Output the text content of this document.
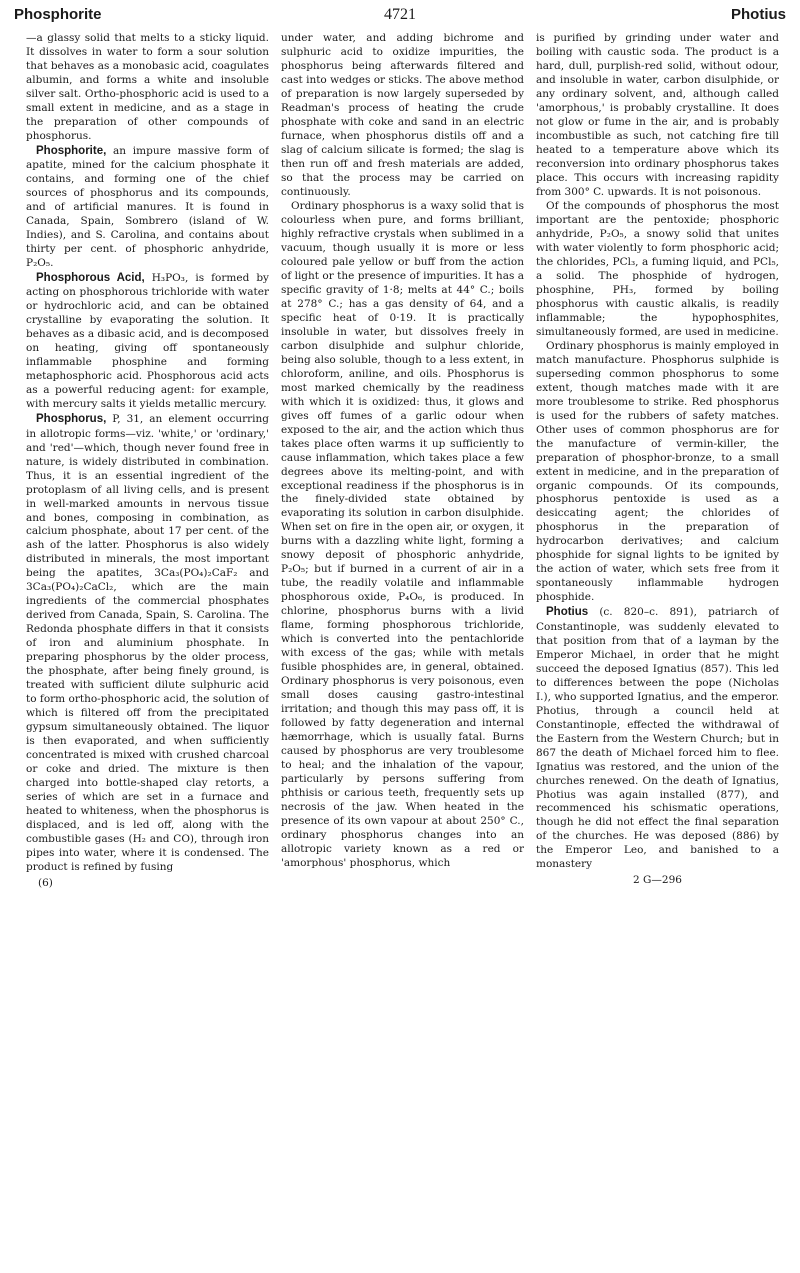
Phosphorite	4721	Photius

—a glassy solid that melts to a sticky liquid. It dissolves in water to form a sour solution that behaves as a monobasic acid, coagulates albumin, and forms a white and insoluble silver salt. Ortho-phosphoric acid is used to a small extent in medicine, and as a stage in the preparation of other compounds of phosphorus.

Phosphorite, an impure massive form of apatite, mined for the calcium phosphate it contains, and forming one of the chief sources of phosphorus and its compounds, and of artificial manures. It is found in Canada, Spain, Sombrero (island of W. Indies), and S. Carolina, and contains about thirty per cent. of phosphoric anhydride, P₂O₅.

Phosphorous Acid, H₃PO₃, is formed by acting on phosphorous trichloride with water or hydrochloric acid, and can be obtained crystalline by evaporating the solution. It behaves as a dibasic acid, and is decomposed on heating, giving off spontaneously inflammable phosphine and forming metaphosphoric acid. Phosphorous acid acts as a powerful reducing agent: for example, with mercury salts it yields metallic mercury.

Phosphorus, P, 31, an element occurring in allotropic forms—viz. 'white,' or 'ordinary,' and 'red'—which, though never found free in nature, is widely distributed in combination. Thus, it is an essential ingredient of the protoplasm of all living cells, and is present in well-marked amounts in nervous tissue and bones, composing in combination, as calcium phosphate, about 17 per cent. of the ash of the latter. Phosphorus is also widely distributed in minerals, the most important being the apatites, 3Ca₃(PO₄)₂CaF₂ and 3Ca₃(PO₄)₂CaCl₂, which are the main ingredients of the commercial phosphates derived from Canada, Spain, S. Carolina. The Redonda phosphate differs in that it consists of iron and aluminium phosphate. In preparing phosphorus by the older process, the phosphate, after being finely ground, is treated with sufficient dilute sulphuric acid to form ortho-phosphoric acid, the solution of which is filtered off from the precipitated gypsum simultaneously obtained. The liquor is then evaporated, and when sufficiently concentrated is mixed with crushed charcoal or coke and dried. The mixture is then charged into bottle-shaped clay retorts, a series of which are set in a furnace and heated to whiteness, when the phosphorus is displaced, and is led off, along with the combustible gases (H₂ and CO), through iron pipes into water, where it is condensed. The product is refined by fusing

(6)

under water, and adding bichrome and sulphuric acid to oxidize impurities, the phosphorus being afterwards filtered and cast into wedges or sticks. The above method of preparation is now largely superseded by Readman's process of heating the crude phosphate with coke and sand in an electric furnace, when phosphorus distils off and a slag of calcium silicate is formed; the slag is then run off and fresh materials are added, so that the process may be carried on continuously.

Ordinary phosphorus is a waxy solid that is colourless when pure, and forms brilliant, highly refractive crystals when sublimed in a vacuum, though usually it is more or less coloured pale yellow or buff from the action of light or the presence of impurities. It has a specific gravity of 1·8; melts at 44° C.; boils at 278° C.; has a gas density of 64, and a specific heat of 0·19. It is practically insoluble in water, but dissolves freely in carbon disulphide and sulphur chloride, being also soluble, though to a less extent, in chloroform, aniline, and oils. Phosphorus is most marked chemically by the readiness with which it is oxidized: thus, it glows and gives off fumes of a garlic odour when exposed to the air, and the action which thus takes place often warms it up sufficiently to cause inflammation, which takes place a few degrees above its melting-point, and with exceptional readiness if the phosphorus is in the finely-divided state obtained by evaporating its solution in carbon disulphide. When set on fire in the open air, or oxygen, it burns with a dazzling white light, forming a snowy deposit of phosphoric anhydride, P₂O₅; but if burned in a current of air in a tube, the readily volatile and inflammable phosphorous oxide, P₄O₆, is produced. In chlorine, phosphorus burns with a livid flame, forming phosphorous trichloride, which is converted into the pentachloride with excess of the gas; while with metals fusible phosphides are, in general, obtained. Ordinary phosphorus is very poisonous, even small doses causing gastro-intestinal irritation; and though this may pass off, it is followed by fatty degeneration and internal hæmorrhage, which is usually fatal. Burns caused by phosphorus are very troublesome to heal; and the inhalation of the vapour, particularly by persons suffering from phthisis or carious teeth, frequently sets up necrosis of the jaw. When heated in the presence of its own vapour at about 250° C., ordinary phosphorus changes into an allotropic variety known as a red or 'amorphous' phosphorus, which

is purified by grinding under water and boiling with caustic soda. The product is a hard, dull, purplish-red solid, without odour, and insoluble in water, carbon disulphide, or any ordinary solvent, and, although called 'amorphous,' is probably crystalline. It does not glow or fume in the air, and is probably incombustible as such, not catching fire till heated to a temperature above which its reconversion into ordinary phosphorus takes place. This occurs with increasing rapidity from 300° C. upwards. It is not poisonous.

Of the compounds of phosphorus the most important are the pentoxide; phosphoric anhydride, P₂O₅, a snowy solid that unites with water violently to form phosphoric acid; the chlorides, PCl₃, a fuming liquid, and PCl₅, a solid. The phosphide of hydrogen, phosphine, PH₃, formed by boiling phosphorus with caustic alkalis, is readily inflammable; the hypophosphites, simultaneously formed, are used in medicine.

Ordinary phosphorus is mainly employed in match manufacture. Phosphorus sulphide is superseding common phosphorus to some extent, though matches made with it are more troublesome to strike. Red phosphorus is used for the rubbers of safety matches. Other uses of common phosphorus are for the manufacture of vermin-killer, the preparation of phosphor-bronze, to a small extent in medicine, and in the preparation of organic compounds. Of its compounds, phosphorus pentoxide is used as a desiccating agent; the chlorides of phosphorus in the preparation of hydrocarbon derivatives; and calcium phosphide for signal lights to be ignited by the action of water, which sets free from it spontaneously inflammable hydrogen phosphide.

Photius (c. 820–c. 891), patriarch of Constantinople, was suddenly elevated to that position from that of a layman by the Emperor Michael, in order that he might succeed the deposed Ignatius (857). This led to differences between the pope (Nicholas I.), who supported Ignatius, and the emperor. Photius, through a council held at Constantinople, effected the withdrawal of the Eastern from the Western Church; but in 867 the death of Michael forced him to flee. Ignatius was restored, and the union of the churches renewed. On the death of Ignatius, Photius was again installed (877), and recommenced his schismatic operations, though he did not effect the final separation of the churches. He was deposed (886) by the Emperor Leo, and banished to a monastery

2 G—296
